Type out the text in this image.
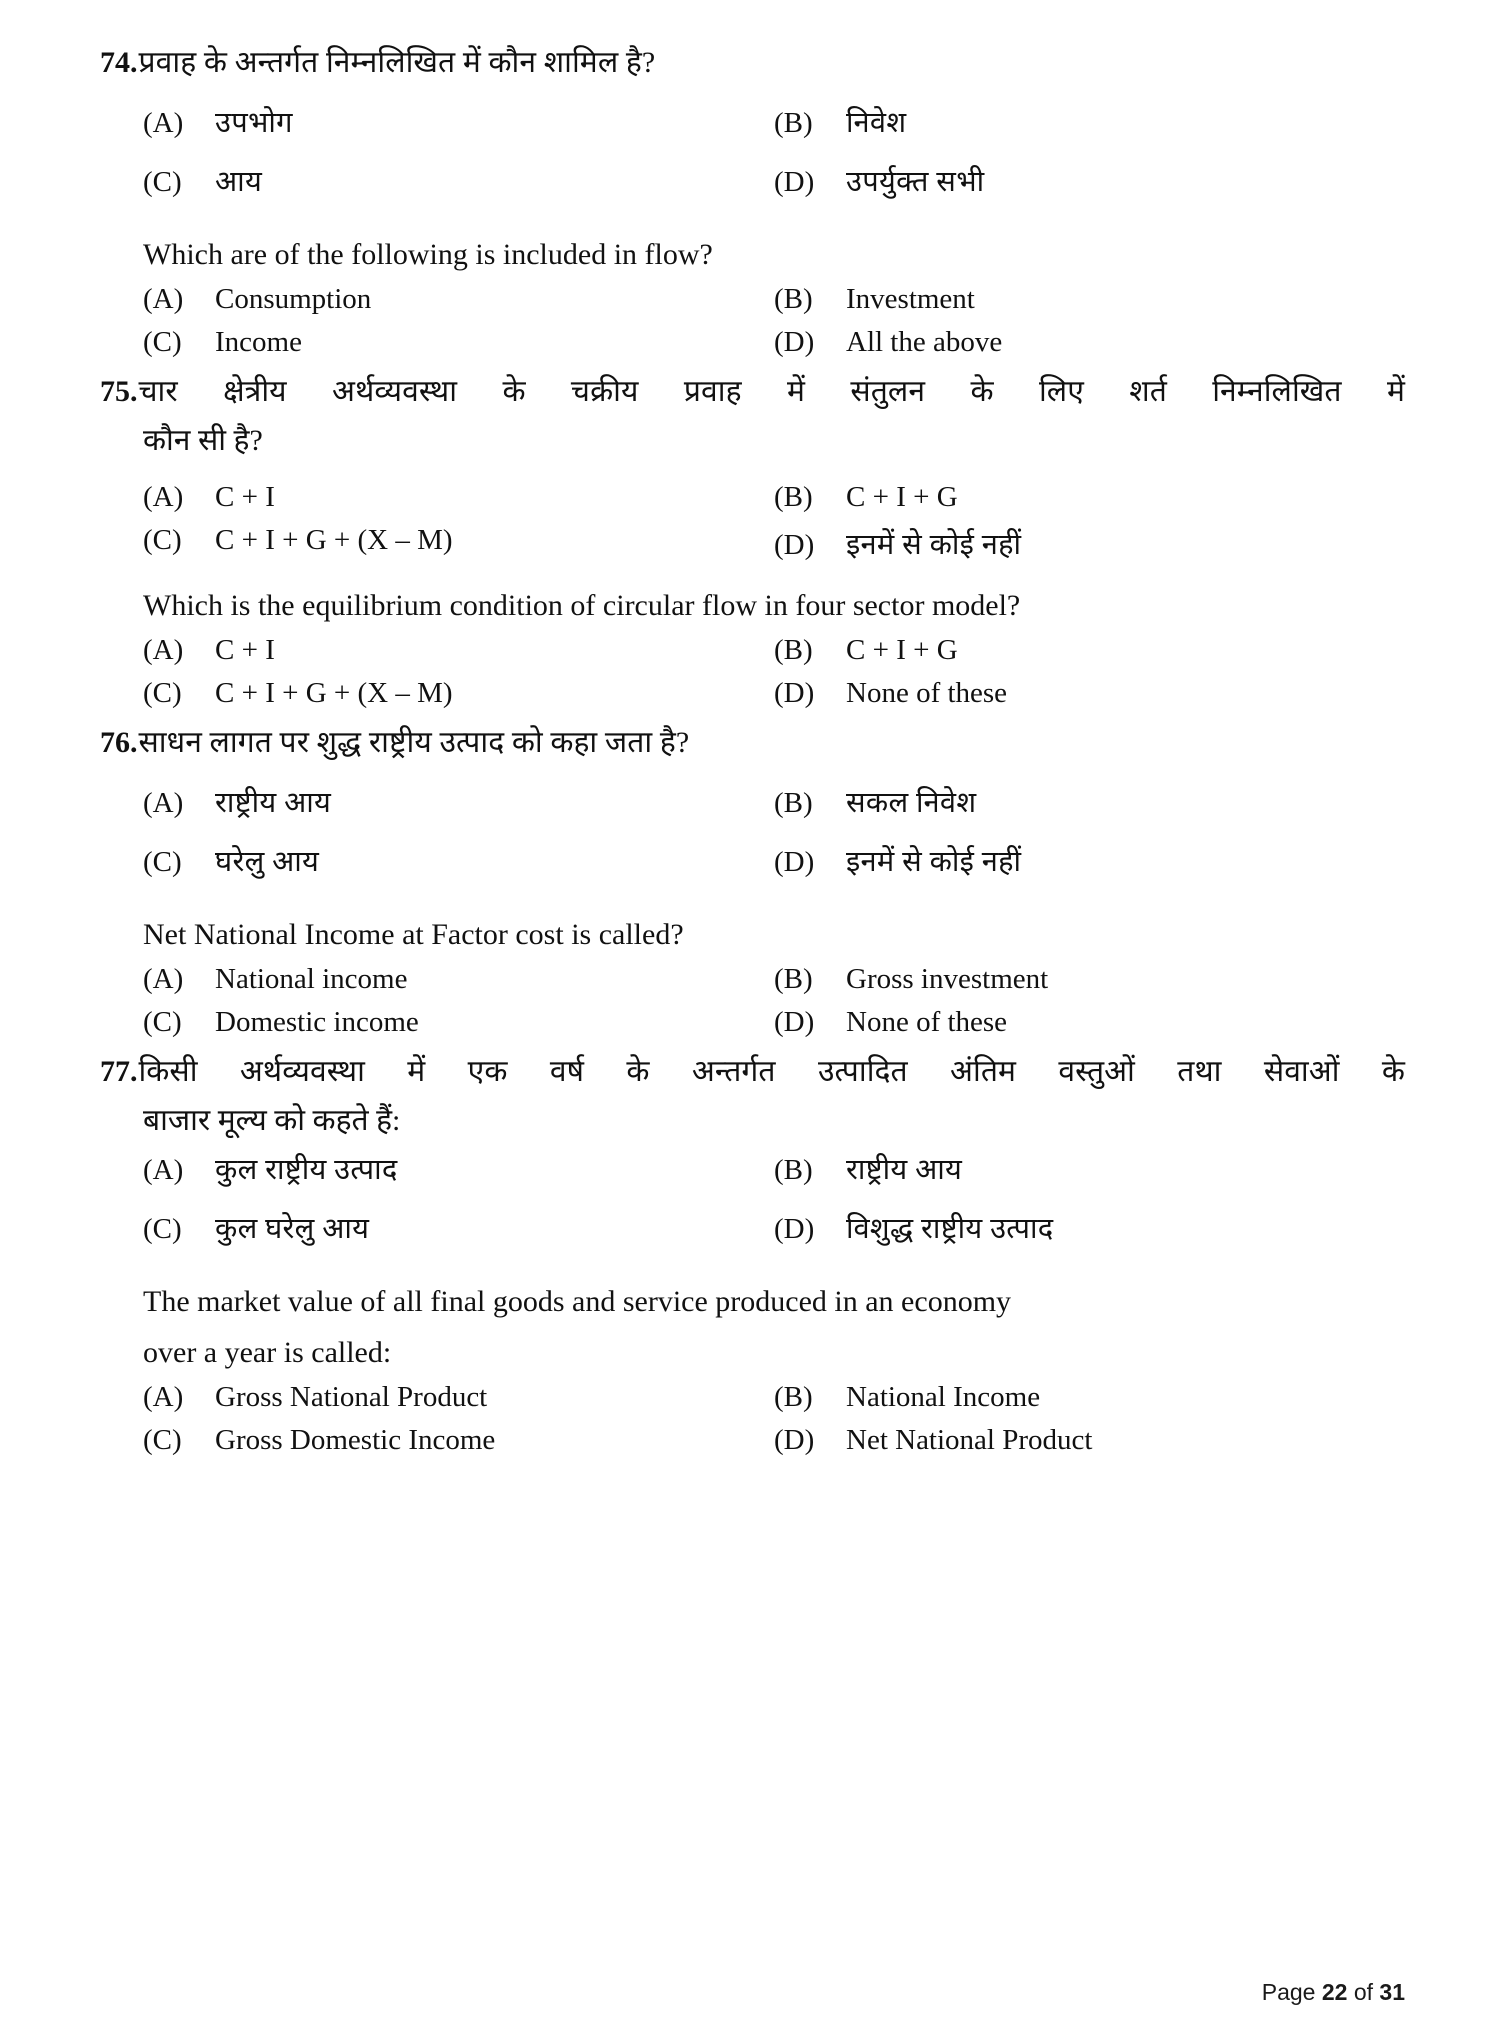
74. प्रवाह के अन्तर्गत निम्नलिखित में कौन शामिल है?
(A)	उपभोग	(B)	निवेश
(C)	आय	(D)	उपर्युक्त सभी
Which are of the following is included in flow?
(A)	Consumption	(B)	Investment
(C)	Income	(D)	All the above
75. चार क्षेत्रीय अर्थव्यवस्था के चक्रीय प्रवाह में संतुलन के लिए शर्त निम्नलिखित में
कौन सी है?
(A)	C + I	(B)	C + I + G
(C)	C + I + G + (X – M)	(D)	इनमें से कोई नहीं
Which is the equilibrium condition of circular flow in four sector model?
(A)	C + I	(B)	C + I + G
(C)	C + I + G + (X – M)	(D)	None of these
76. साधन लागत पर शुद्ध राष्ट्रीय उत्पाद को कहा जता है?
(A)	राष्ट्रीय आय	(B)	सकल निवेश
(C)	घरेलु आय	(D)	इनमें से कोई नहीं
Net National Income at Factor cost is called?
(A)	National income	(B)	Gross investment
(C)	Domestic income	(D)	None of these
77. किसी अर्थव्यवस्था में एक वर्ष के अन्तर्गत उत्पादित अंतिम वस्तुओं तथा सेवाओं के
बाजार मूल्य को कहते हैं:
(A)	कुल राष्ट्रीय उत्पाद	(B)	राष्ट्रीय आय
(C)	कुल घरेलु आय	(D)	विशुद्ध राष्ट्रीय उत्पाद
The market value of all final goods and service produced in an economy
over a year is called:
(A)	Gross National Product	(B)	National Income
(C)	Gross Domestic Income	(D)	Net National Product
Page 22 of 31
